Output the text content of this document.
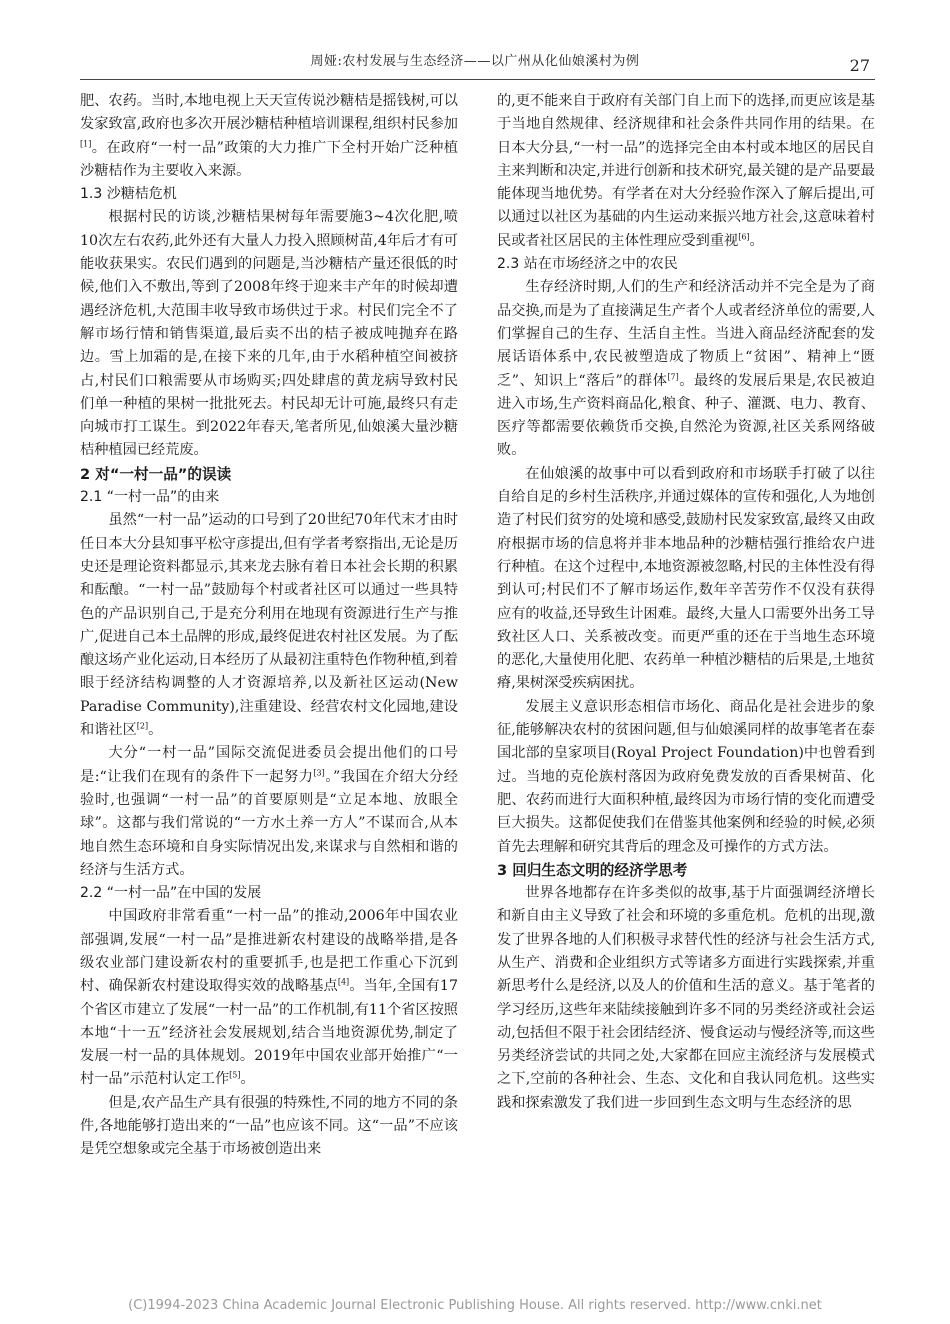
周娅:农村发展与生态经济——以广州从化仙娘溪村为例	27

肥、农药。当时,本地电视上天天宣传说沙糖桔是摇钱树,可以发家致富,政府也多次开展沙糖桔种植培训课程,组织村民参加[1]。在政府“一村一品”政策的大力推广下全村开始广泛种植沙糖桔作为主要收入来源。

1.3 沙糖桔危机

根据村民的访谈,沙糖桔果树每年需要施3~4次化肥,喷10次左右农药,此外还有大量人力投入照顾树苗,4年后才有可能收获果实。农民们遇到的问题是,当沙糖桔产量还很低的时候,他们入不敷出,等到了2008年终于迎来丰产年的时候却遭遇经济危机,大范围丰收导致市场供过于求。村民们完全不了解市场行情和销售渠道,最后卖不出的桔子被成吨抛弃在路边。雪上加霜的是,在接下来的几年,由于水稻种植空间被挤占,村民们口粮需要从市场购买;四处肆虐的黄龙病导致村民们单一种植的果树一批批死去。村民却无计可施,最终只有走向城市打工谋生。到2022年春天,笔者所见,仙娘溪大量沙糖桔种植园已经荒废。

2 对“一村一品”的误读
2.1 “一村一品”的由来

虽然“一村一品”运动的口号到了20世纪70年代末才由时任日本大分县知事平松守彦提出,但有学者考察指出,无论是历史还是理论资料都显示,其来龙去脉有着日本社会长期的积累和酝酿。“一村一品”鼓励每个村或者社区可以通过一些具特色的产品识别自己,于是充分利用在地现有资源进行生产与推广,促进自己本土品牌的形成,最终促进农村社区发展。为了酝酿这场产业化运动,日本经历了从最初注重特色作物种植,到着眼于经济结构调整的人才资源培养,以及新社区运动(New Paradise Community),注重建设、经营农村文化园地,建设和谐社区[2]。

大分“一村一品”国际交流促进委员会提出他们的口号是:“让我们在现有的条件下一起努力[3]。”我国在介绍大分经验时,也强调“一村一品”的首要原则是“立足本地、放眼全球”。这都与我们常说的“一方水土养一方人”不谋而合,从本地自然生态环境和自身实际情况出发,来谋求与自然相和谐的经济与生活方式。

2.2 “一村一品”在中国的发展

中国政府非常看重“一村一品”的推动,2006年中国农业部强调,发展“一村一品”是推进新农村建设的战略举措,是各级农业部门建设新农村的重要抓手,也是把工作重心下沉到村、确保新农村建设取得实效的战略基点[4]。当年,全国有17个省区市建立了发展“一村一品”的工作机制,有11个省区按照本地“十一五”经济社会发展规划,结合当地资源优势,制定了发展一村一品的具体规划。2019年中国农业部开始推广“一村一品”示范村认定工作[5]。

但是,农产品生产具有很强的特殊性,不同的地方不同的条件,各地能够打造出来的“一品”也应该不同。这“一品”不应该是凭空想象或完全基于市场被创造出来

的,更不能来自于政府有关部门自上而下的选择,而更应该是基于当地自然规律、经济规律和社会条件共同作用的结果。在日本大分县,“一村一品”的选择完全由本村或本地区的居民自主来判断和决定,并进行创新和技术研究,最关键的是产品要最能体现当地优势。有学者在对大分经验作深入了解后提出,可以通过以社区为基础的内生运动来振兴地方社会,这意味着村民或者社区居民的主体性理应受到重视[6]。

2.3 站在市场经济之中的农民

生存经济时期,人们的生产和经济活动并不完全是为了商品交换,而是为了直接满足生产者个人或者经济单位的需要,人们掌握自己的生存、生活自主性。当进入商品经济配套的发展话语体系中,农民被塑造成了物质上“贫困”、精神上“匮乏”、知识上“落后”的群体[7]。最终的发展后果是,农民被迫进入市场,生产资料商品化,粮食、种子、灌溉、电力、教育、医疗等都需要依赖货币交换,自然沦为资源,社区关系网络破败。

在仙娘溪的故事中可以看到政府和市场联手打破了以往自给自足的乡村生活秩序,并通过媒体的宣传和强化,人为地创造了村民们贫穷的处境和感受,鼓励村民发家致富,最终又由政府根据市场的信息将并非本地品种的沙糖桔强行推给农户进行种植。在这个过程中,本地资源被忽略,村民的主体性没有得到认可;村民们不了解市场运作,数年辛苦劳作不仅没有获得应有的收益,还导致生计困难。最终,大量人口需要外出务工导致社区人口、关系被改变。而更严重的还在于当地生态环境的恶化,大量使用化肥、农药单一种植沙糖桔的后果是,土地贫瘠,果树深受疾病困扰。

发展主义意识形态相信市场化、商品化是社会进步的象征,能够解决农村的贫困问题,但与仙娘溪同样的故事笔者在泰国北部的皇家项目(Royal Project Foundation)中也曾看到过。当地的克伦族村落因为政府免费发放的百香果树苗、化肥、农药而进行大面积种植,最终因为市场行情的变化而遭受巨大损失。这都促使我们在借鉴其他案例和经验的时候,必须首先去理解和研究其背后的理念及可操作的方式方法。

3 回归生态文明的经济学思考

世界各地都存在许多类似的故事,基于片面强调经济增长和新自由主义导致了社会和环境的多重危机。危机的出现,激发了世界各地的人们积极寻求替代性的经济与社会生活方式,从生产、消费和企业组织方式等诸多方面进行实践探索,并重新思考什么是经济,以及人的价值和生活的意义。基于笔者的学习经历,这些年来陆续接触到许多不同的另类经济或社会运动,包括但不限于社会团结经济、慢食运动与慢经济等,而这些另类经济尝试的共同之处,大家都在回应主流经济与发展模式之下,空前的各种社会、生态、文化和自我认同危机。这些实践和探索激发了我们进一步回到生态文明与生态经济的思

(C)1994-2023 China Academic Journal Electronic Publishing House. All rights reserved. http://www.cnki.net
